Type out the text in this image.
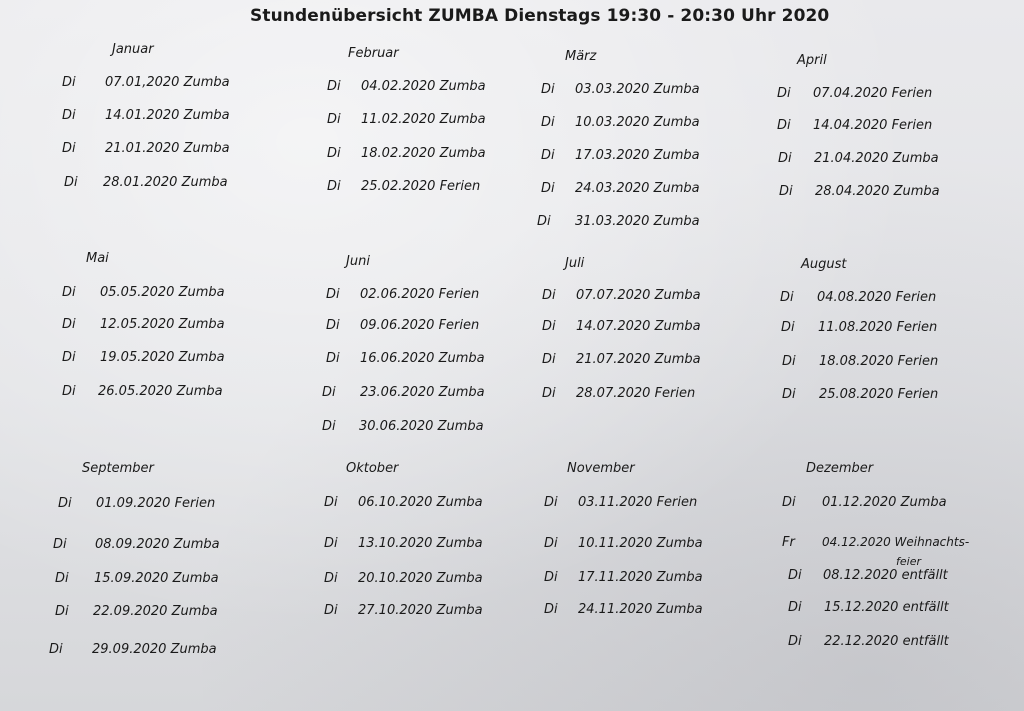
Stundenübersicht ZUMBA Dienstags 19:30 - 20:30 Uhr 2020
Januar
Di 07.01,2020 Zumba
Di 14.01.2020 Zumba
Di 21.01.2020 Zumba
Di 28.01.2020 Zumba
Februar
Di 04.02.2020 Zumba
Di 11.02.2020 Zumba
Di 18.02.2020 Zumba
Di 25.02.2020 Ferien
März
Di 03.03.2020 Zumba
Di 10.03.2020 Zumba
Di 17.03.2020 Zumba
Di 24.03.2020 Zumba
Di 31.03.2020 Zumba
April
Di 07.04.2020 Ferien
Di 14.04.2020 Ferien
Di 21.04.2020 Zumba
Di 28.04.2020 Zumba
Mai
Di 05.05.2020 Zumba
Di 12.05.2020 Zumba
Di 19.05.2020 Zumba
Di 26.05.2020 Zumba
Juni
Di 02.06.2020 Ferien
Di 09.06.2020 Ferien
Di 16.06.2020 Zumba
Di 23.06.2020 Zumba
Di 30.06.2020 Zumba
Juli
Di 07.07.2020 Zumba
Di 14.07.2020 Zumba
Di 21.07.2020 Zumba
Di 28.07.2020 Ferien
August
Di 04.08.2020 Ferien
Di 11.08.2020 Ferien
Di 18.08.2020 Ferien
Di 25.08.2020 Ferien
September
Di 01.09.2020 Ferien
Di 08.09.2020 Zumba
Di 15.09.2020 Zumba
Di 22.09.2020 Zumba
Di 29.09.2020 Zumba
Oktober
Di 06.10.2020 Zumba
Di 13.10.2020 Zumba
Di 20.10.2020 Zumba
Di 27.10.2020 Zumba
November
Di 03.11.2020 Ferien
Di 10.11.2020 Zumba
Di 17.11.2020 Zumba
Di 24.11.2020 Zumba
Dezember
Di 01.12.2020 Zumba
Fr 04.12.2020 Weihnachts-
feier
Di 08.12.2020 entfällt
Di 15.12.2020 entfällt
Di 22.12.2020 entfällt
